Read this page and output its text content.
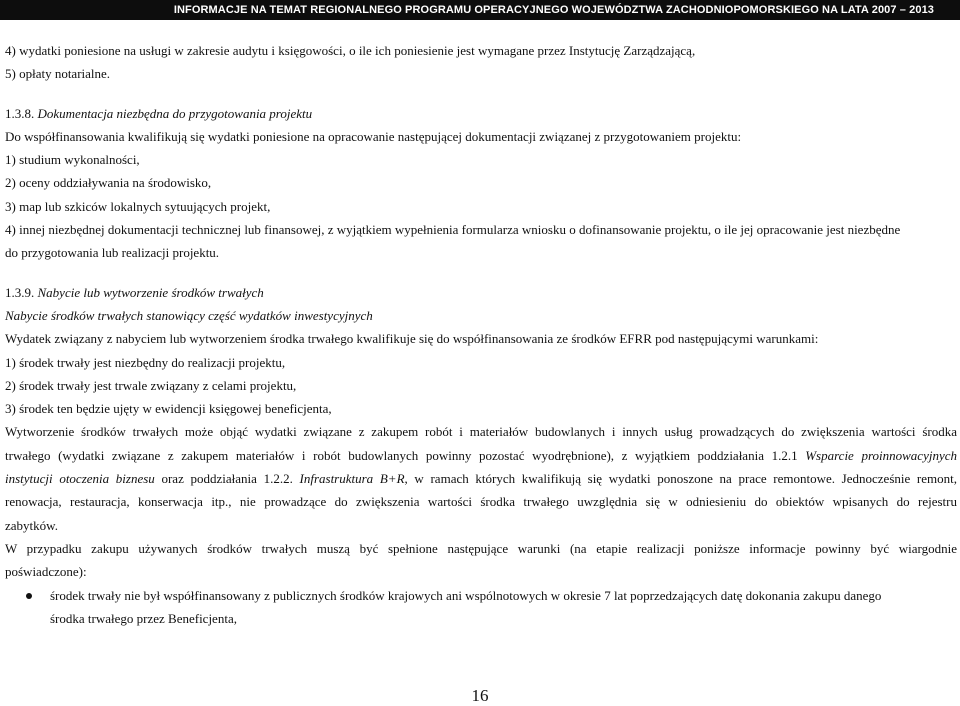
INFORMACJE NA TEMAT REGIONALNEGO PROGRAMU OPERACYJNEGO WOJEWÓDZTWA ZACHODNIOPOMORSKIEGO NA LATA 2007 – 2013
4) wydatki poniesione na usługi w zakresie audytu i księgowości, o ile ich poniesienie jest wymagane przez Instytucję Zarządzającą,
5) opłaty notarialne.
1.3.8. Dokumentacja niezbędna do przygotowania projektu
Do współfinansowania kwalifikują się wydatki poniesione na opracowanie następującej dokumentacji związanej z przygotowaniem projektu:
1) studium wykonalności,
2) oceny oddziaływania na środowisko,
3) map lub szkiców lokalnych sytuujących projekt,
4) innej niezbędnej dokumentacji technicznej lub finansowej, z wyjątkiem wypełnienia formularza wniosku o dofinansowanie projektu, o ile jej opracowanie jest niezbędne
do przygotowania lub realizacji projektu.
1.3.9. Nabycie lub wytworzenie środków trwałych
Nabycie środków trwałych stanowiący część wydatków inwestycyjnych
Wydatek związany z nabyciem lub wytworzeniem środka trwałego kwalifikuje się do współfinansowania ze środków EFRR pod następującymi warunkami:
1) środek trwały jest niezbędny do realizacji projektu,
2) środek trwały jest trwale związany z celami projektu,
3) środek ten będzie ujęty w ewidencji księgowej beneficjenta,
Wytworzenie środków trwałych może objąć wydatki związane z zakupem robót i materiałów budowlanych i innych usług prowadzących do zwiększenia wartości środka
trwałego (wydatki związane z zakupem materiałów i robót budowlanych powinny pozostać wyodrębnione), z wyjątkiem poddziałania 1.2.1 Wsparcie proinnowacyjnych
instytucji otoczenia biznesu oraz poddziałania 1.2.2. Infrastruktura B+R, w ramach których kwalifikują się wydatki ponoszone na prace remontowe. Jednocześnie remont,
renowacja, restauracja, konserwacja itp., nie prowadzące do zwiększenia wartości środka trwałego uwzględnia się w odniesieniu do obiektów wpisanych do rejestru
zabytków.
W przypadku zakupu używanych środków trwałych muszą być spełnione następujące warunki (na etapie realizacji poniższe informacje powinny być wiargodnie
poświadczone):
środek trwały nie był współfinansowany z publicznych środków krajowych ani wspólnotowych w okresie 7 lat poprzedzających datę dokonania zakupu danego
środka trwałego przez Beneficjenta,
16
